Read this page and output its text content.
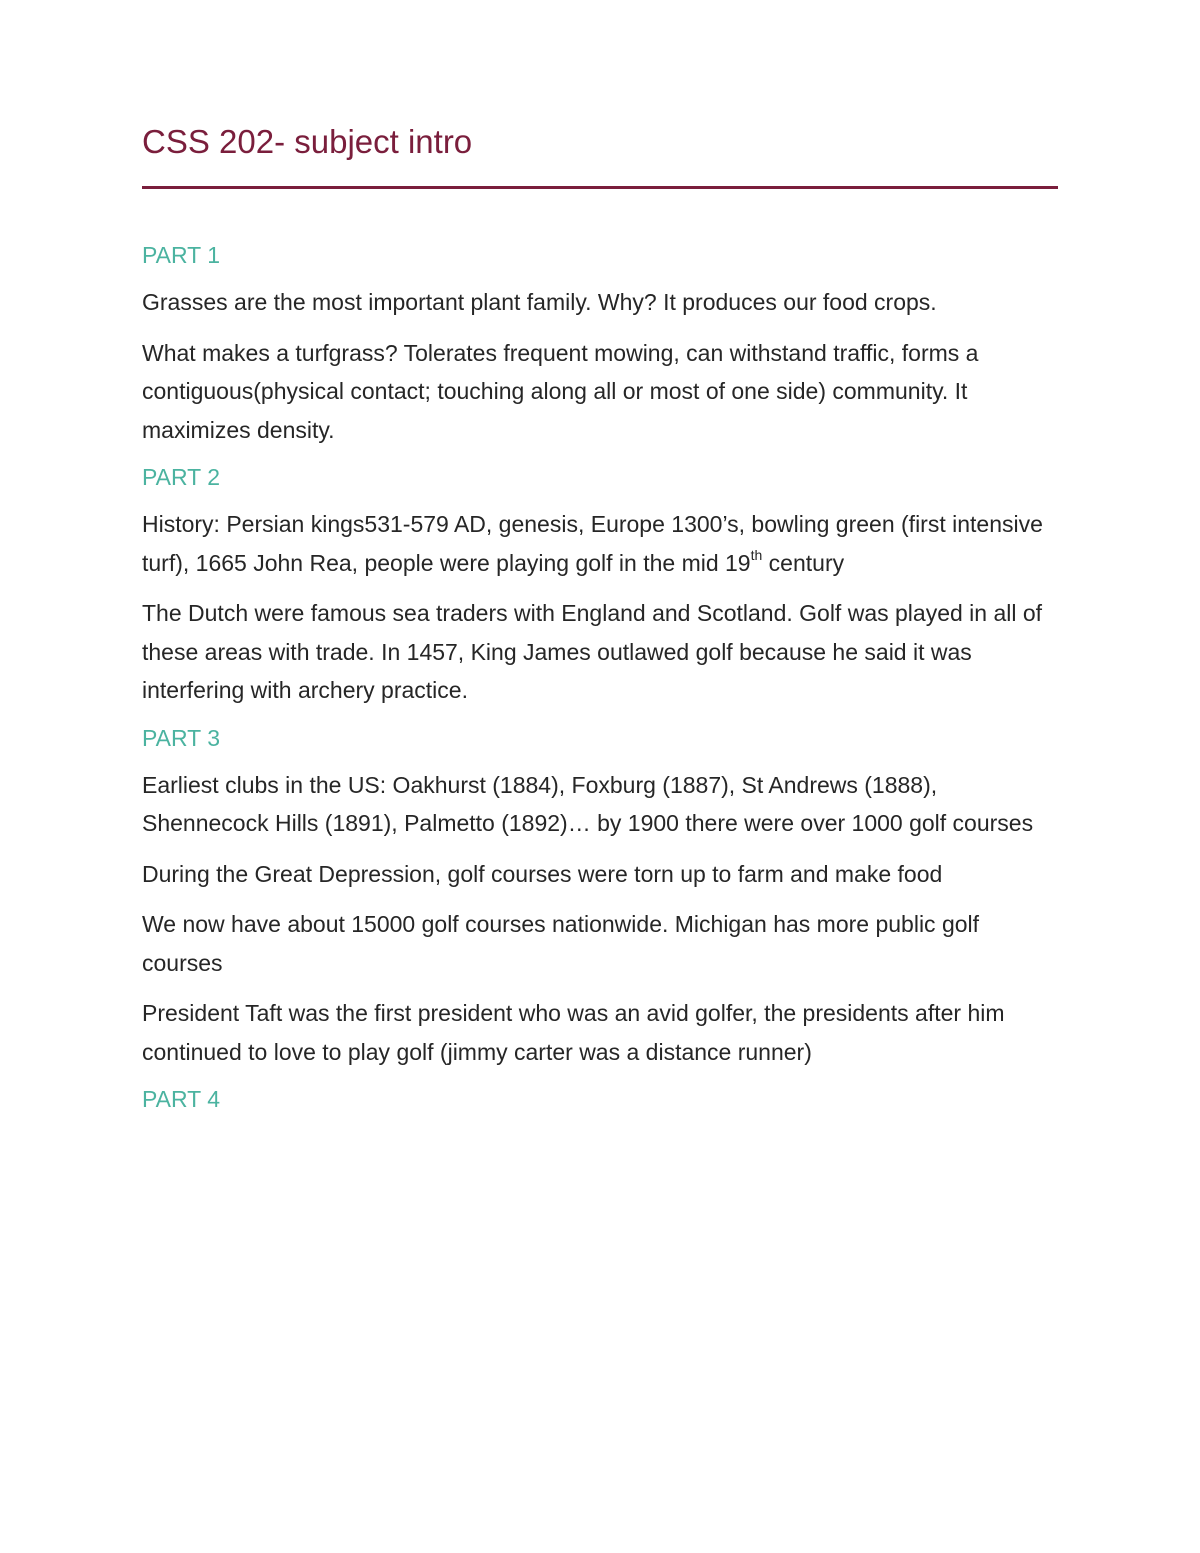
CSS 202- subject intro
PART 1

Grasses are the most important plant family. Why? It produces our food crops.

What makes a turfgrass? Tolerates frequent mowing, can withstand traffic, forms a contiguous(physical contact; touching along all or most of one side) community. It maximizes density.

PART 2

History: Persian kings531-579 AD, genesis, Europe 1300’s, bowling green (first intensive turf), 1665 John Rea, people were playing golf in the mid 19th century

The Dutch were famous sea traders with England and Scotland. Golf was played in all of these areas with trade. In 1457, King James outlawed golf because he said it was interfering with archery practice.

PART 3

Earliest clubs in the US: Oakhurst (1884), Foxburg (1887), St Andrews (1888), Shennecock Hills (1891), Palmetto (1892)… by 1900 there were over 1000 golf courses

During the Great Depression, golf courses were torn up to farm and make food

We now have about 15000 golf courses nationwide. Michigan has more public golf courses

President Taft was the first president who was an avid golfer, the presidents after him continued to love to play golf (jimmy carter was a distance runner)

PART 4
